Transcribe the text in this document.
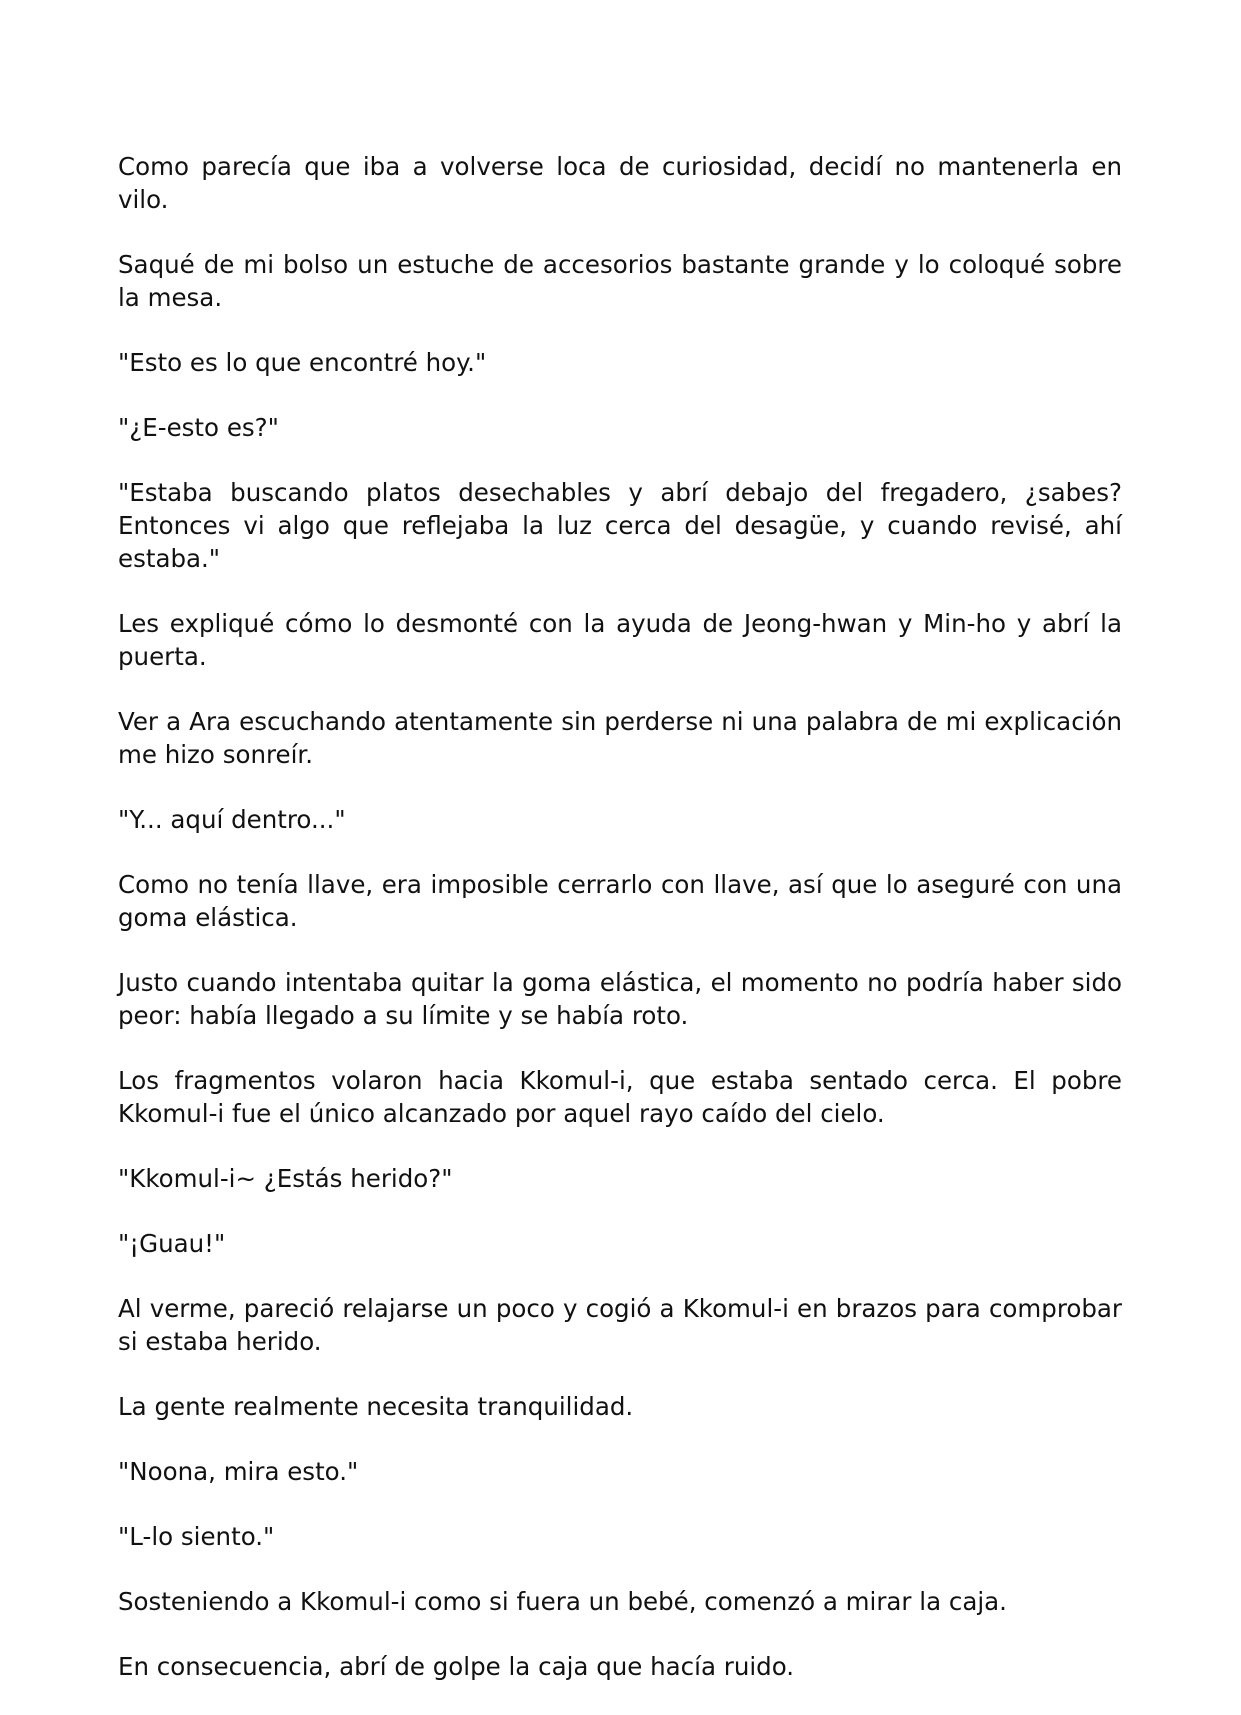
Como parecía que iba a volverse loca de curiosidad, decidí no mantenerla en vilo.

Saqué de mi bolso un estuche de accesorios bastante grande y lo coloqué sobre la mesa.

"Esto es lo que encontré hoy."

"¿E-esto es?"

"Estaba buscando platos desechables y abrí debajo del fregadero, ¿sabes? Entonces vi algo que reflejaba la luz cerca del desagüe, y cuando revisé, ahí estaba."

Les expliqué cómo lo desmonté con la ayuda de Jeong-hwan y Min-ho y abrí la puerta.

Ver a Ara escuchando atentamente sin perderse ni una palabra de mi explicación me hizo sonreír.

"Y... aquí dentro..."

Como no tenía llave, era imposible cerrarlo con llave, así que lo aseguré con una goma elástica.

Justo cuando intentaba quitar la goma elástica, el momento no podría haber sido peor: había llegado a su límite y se había roto.

Los fragmentos volaron hacia Kkomul-i, que estaba sentado cerca. El pobre Kkomul-i fue el único alcanzado por aquel rayo caído del cielo.

"Kkomul-i~ ¿Estás herido?"

"¡Guau!"

Al verme, pareció relajarse un poco y cogió a Kkomul-i en brazos para comprobar si estaba herido.

La gente realmente necesita tranquilidad.

"Noona, mira esto."

"L-lo siento."

Sosteniendo a Kkomul-i como si fuera un bebé, comenzó a mirar la caja.

En consecuencia, abrí de golpe la caja que hacía ruido.
